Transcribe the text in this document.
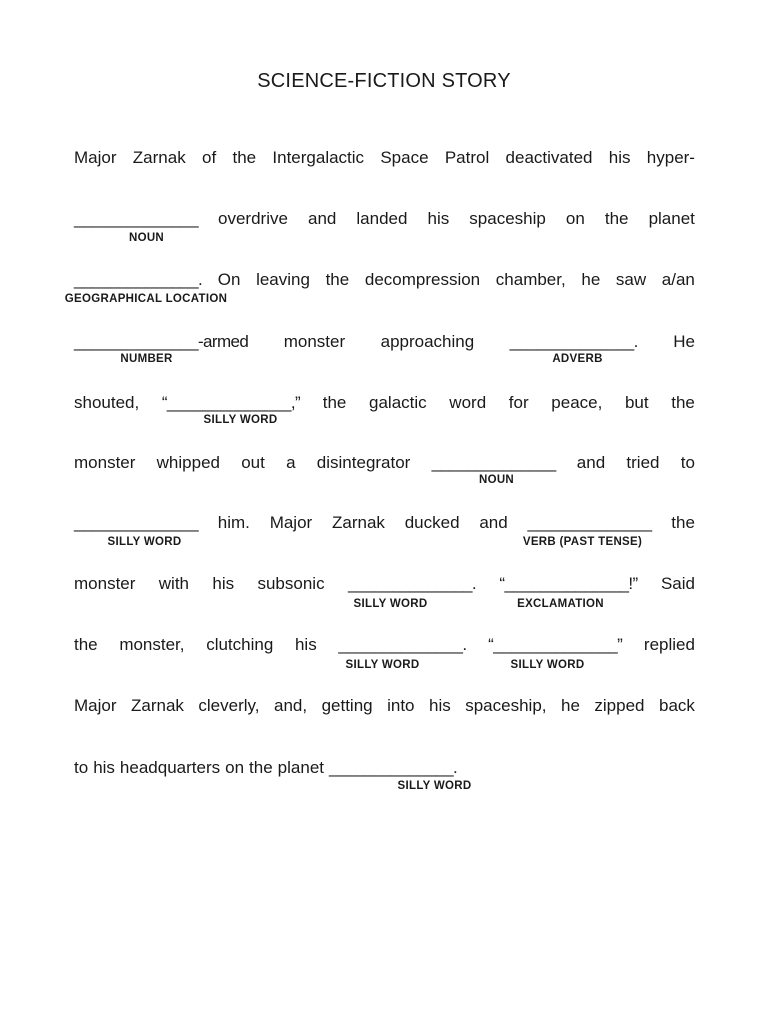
SCIENCE-FICTION STORY
Major Zarnak of the Intergalactic Space Patrol deactivated his hyper-
______________ overdrive and landed his spaceship on the planet
______________. On leaving the decompression chamber, he saw a/an
______________-armed monster approaching ______________. He
shouted, “______________,” the galactic word for peace, but the
monster whipped out a disintegrator ______________ and tried to
______________ him. Major Zarnak ducked and ______________ the
monster with his subsonic ______________. “______________!” Said
the monster, clutching his ______________. “______________” replied
Major Zarnak cleverly, and, getting into his spaceship, he zipped back
to his headquarters on the planet ______________.
NOUN
GEOGRAPHICAL LOCATION
NUMBER	ADVERB
SILLY WORD
NOUN
SILLY WORD	VERB (PAST TENSE)
SILLY WORD	EXCLAMATION
SILLY WORD	SILLY WORD
SILLY WORD
